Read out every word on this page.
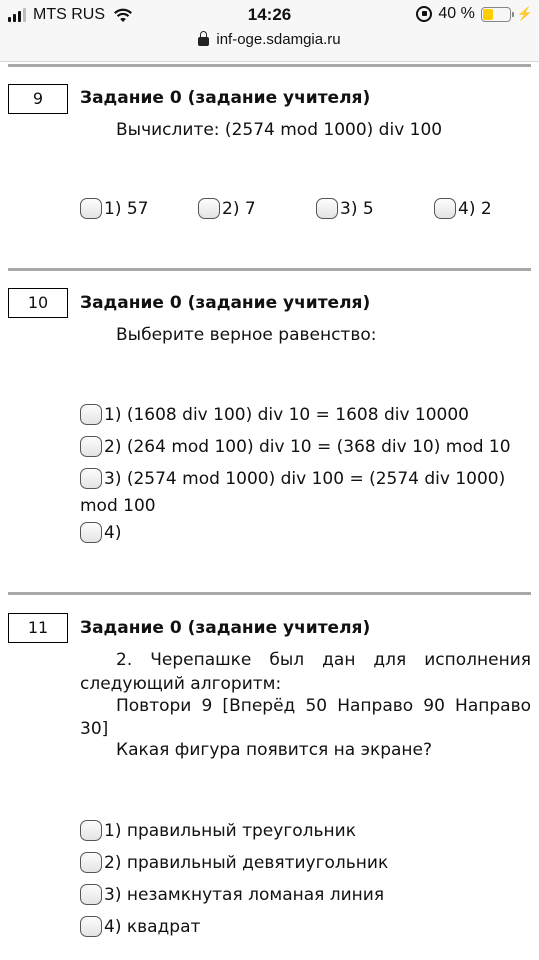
MTS RUS	14:26	40 %	⚡
inf-oge.sdamgia.ru
9	Задание 0 (задание учителя)
Вычислите: (2574 mod 1000) div 100
1) 57	2) 7	3) 5	4) 2
10	Задание 0 (задание учителя)
Выберите верное равенство:
1) (1608 div 100) div 10 = 1608 div 10000
2) (264 mod 100) div 10 = (368 div 10) mod 10
3) (2574 mod 1000) div 100 = (2574 div 1000)
mod 100
4)
11	Задание 0 (задание учителя)
2. Черепашке был дан для исполнения
следующий алгоритм:
Повтори 9 [Вперёд 50 Направо 90 Направо
30]
Какая фигура появится на экране?
1) правильный треугольник
2) правильный девятиугольник
3) незамкнутая ломаная линия
4) квадрат
